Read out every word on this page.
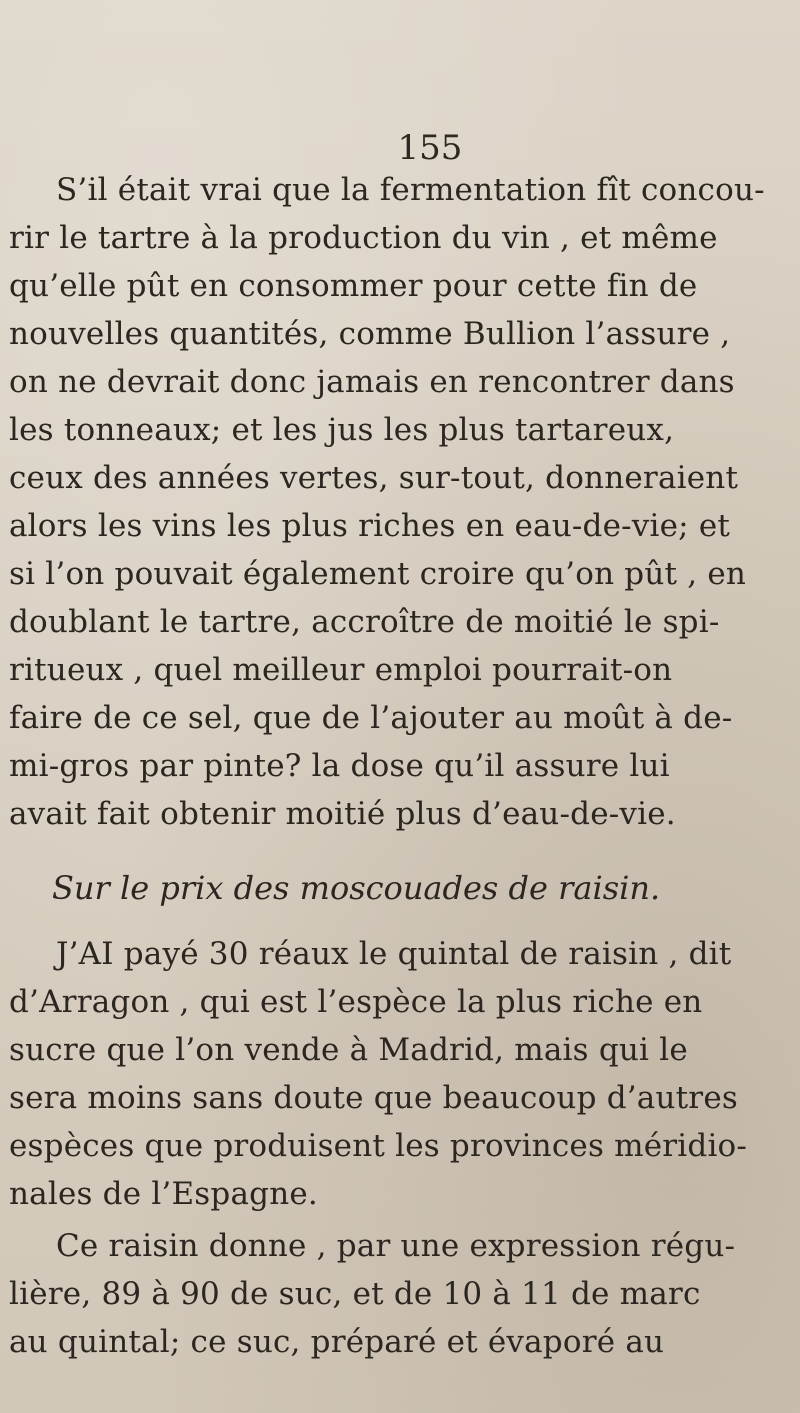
155
S’il était vrai que la fermentation fît concou-
rir le tartre à la production du vin , et même
qu’elle pût en consommer pour cette fin de
nouvelles quantités, comme Bullion l’assure ,
on ne devrait donc jamais en rencontrer dans
les tonneaux; et les jus les plus tartareux,
ceux des années vertes, sur-tout, donneraient
alors les vins les plus riches en eau-de-vie; et
si l’on pouvait également croire qu’on pût , en
doublant le tartre, accroître de moitié le spi-
ritueux , quel meilleur emploi pourrait-on
faire de ce sel, que de l’ajouter au moût à de-
mi-gros par pinte? la dose qu’il assure lui
avait fait obtenir moitié plus d’eau-de-vie.
Sur le prix des moscouades de raisin.
J’AI payé 30 réaux le quintal de raisin , dit
d’Arragon , qui est l’espèce la plus riche en
sucre que l’on vende à Madrid, mais qui le
sera moins sans doute que beaucoup d’autres
espèces que produisent les provinces méridio-
nales de l’Espagne.
Ce raisin donne , par une expression régu-
lière, 89 à 90 de suc, et de 10 à 11 de marc
au quintal; ce suc, préparé et évaporé au
